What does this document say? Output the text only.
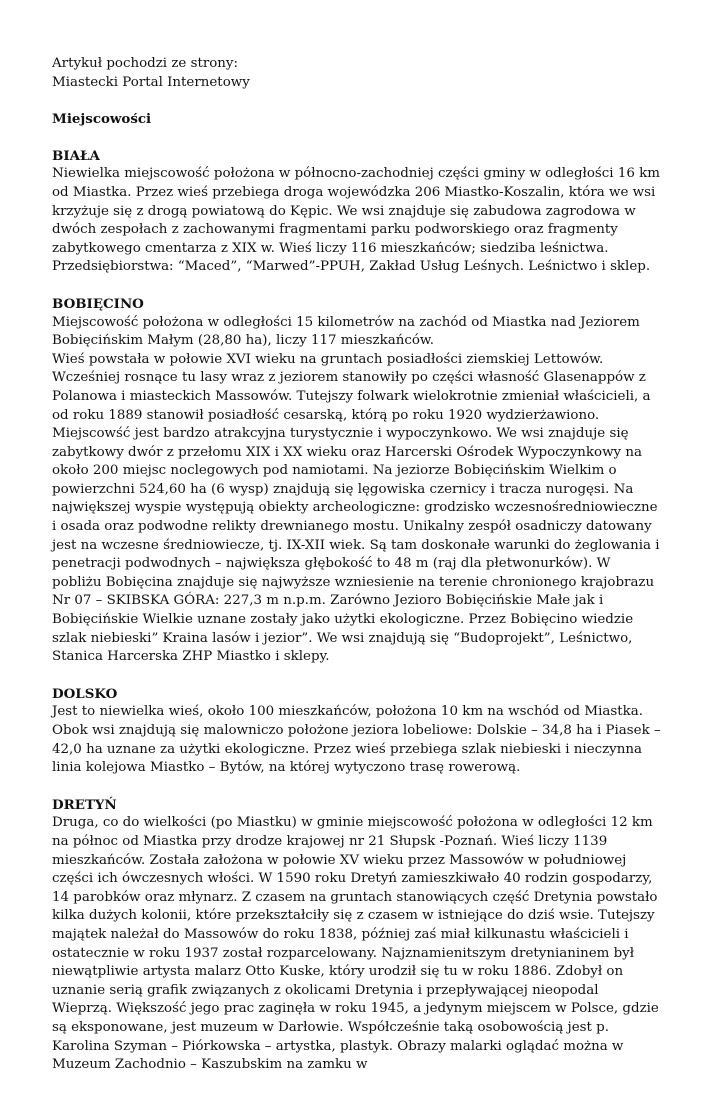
Artykuł pochodzi ze strony:
Miastecki Portal Internetowy
Miejscowości
BIAŁA

Niewielka miejscowość położona w północno-zachodniej części gminy w odległości 16 km od Miastka. Przez wieś przebiega droga wojewódzka 206 Miastko-Koszalin, która we wsi krzyżuje się z drogą powiatową do Kępic. We wsi znajduje się zabudowa zagrodowa w dwóch zespołach z zachowanymi fragmentami parku podworskiego oraz fragmenty zabytkowego cmentarza z XIX w. Wieś liczy 116 mieszkańców; siedziba leśnictwa. Przedsiębiorstwa: “Maced”, “Marwed”-PPUH, Zakład Usług Leśnych. Leśnictwo i sklep.

BOBIĘCINO

Miejscowość położona w odległości 15 kilometrów na zachód od Miastka nad Jeziorem Bobięcińskim Małym (28,80 ha), liczy 117 mieszkańców.

Wieś powstała w połowie XVI wieku na gruntach posiadłości ziemskiej Lettowów. Wcześniej rosnące tu lasy wraz z jeziorem stanowiły po części własność Glasenappów z Polanowa i miasteckich Massowów. Tutejszy folwark wielokrotnie zmieniał właścicieli, a od roku 1889 stanowił posiadłość cesarską, którą po roku 1920 wydzierżawiono. Miejscowść jest bardzo atrakcyjna turystycznie i wypoczynkowo. We wsi znajduje się zabytkowy dwór z przełomu XIX i XX wieku oraz Harcerski Ośrodek Wypoczynkowy na około 200 miejsc noclegowych pod namiotami. Na jeziorze Bobięcińskim Wielkim o powierzchni 524,60 ha (6 wysp) znajdują się lęgowiska czernicy i tracza nurogęsi. Na największej wyspie występują obiekty archeologiczne: grodzisko wczesnośredniowieczne i osada oraz podwodne relikty drewnianego mostu. Unikalny zespół osadniczy datowany jest na wczesne średniowiecze, tj. IX-XII wiek. Są tam doskonałe warunki do żeglowania i penetracji podwodnych – największa głębokość to 48 m (raj dla płetwonurków). W pobliżu Bobięcina znajduje się najwyższe wzniesienie na terenie chronionego krajobrazu Nr 07 – SKIBSKA GÓRA: 227,3 m n.p.m. Zarówno Jezioro Bobięcińskie Małe jak i Bobięcińskie Wielkie uznane zostały jako użytki ekologiczne. Przez Bobięcino wiedzie szlak niebieski” Kraina lasów i jezior”. We wsi znajdują się “Budoprojekt”, Leśnictwo, Stanica Harcerska ZHP Miastko i sklepy.

DOLSKO

Jest to niewielka wieś, około 100 mieszkańców, położona 10 km na wschód od Miastka. Obok wsi znajdują się malowniczo położone jeziora lobeliowe: Dolskie – 34,8 ha i Piasek – 42,0 ha uznane za użytki ekologiczne. Przez wieś przebiega szlak niebieski i nieczynna linia kolejowa Miastko – Bytów, na której wytyczono trasę rowerową.

DRETYŃ

Druga, co do wielkości (po Miastku) w gminie miejscowość położona w odległości 12 km na północ od Miastka przy drodze krajowej nr 21 Słupsk -Poznań. Wieś liczy 1139 mieszkańców. Została założona w połowie XV wieku przez Massowów w południowej części ich ówczesnych włości. W 1590 roku Dretyń zamieszkiwało 40 rodzin gospodarzy, 14 parobków oraz młynarz. Z czasem na gruntach stanowiących część Dretynia powstało kilka dużych kolonii, które przekształciły się z czasem w istniejące do dziś wsie. Tutejszy majątek należał do Massowów do roku 1838, później zaś miał kilkunastu właścicieli i ostatecznie w roku 1937 został rozparcelowany. Najznamienitszym dretynianinem był niewątpliwie artysta malarz Otto Kuske, który urodził się tu w roku 1886. Zdobył on uznanie serią grafik związanych z okolicami Dretynia i przepływającej nieopodal Wieprzą. Większość jego prac zaginęła w roku 1945, a jedynym miejscem w Polsce, gdzie są eksponowane, jest muzeum w Darłowie. Współcześnie taką osobowością jest p. Karolina Szyman – Piórkowska – artystka, plastyk. Obrazy malarki oglądać można w Muzeum Zachodnio – Kaszubskim na zamku w
